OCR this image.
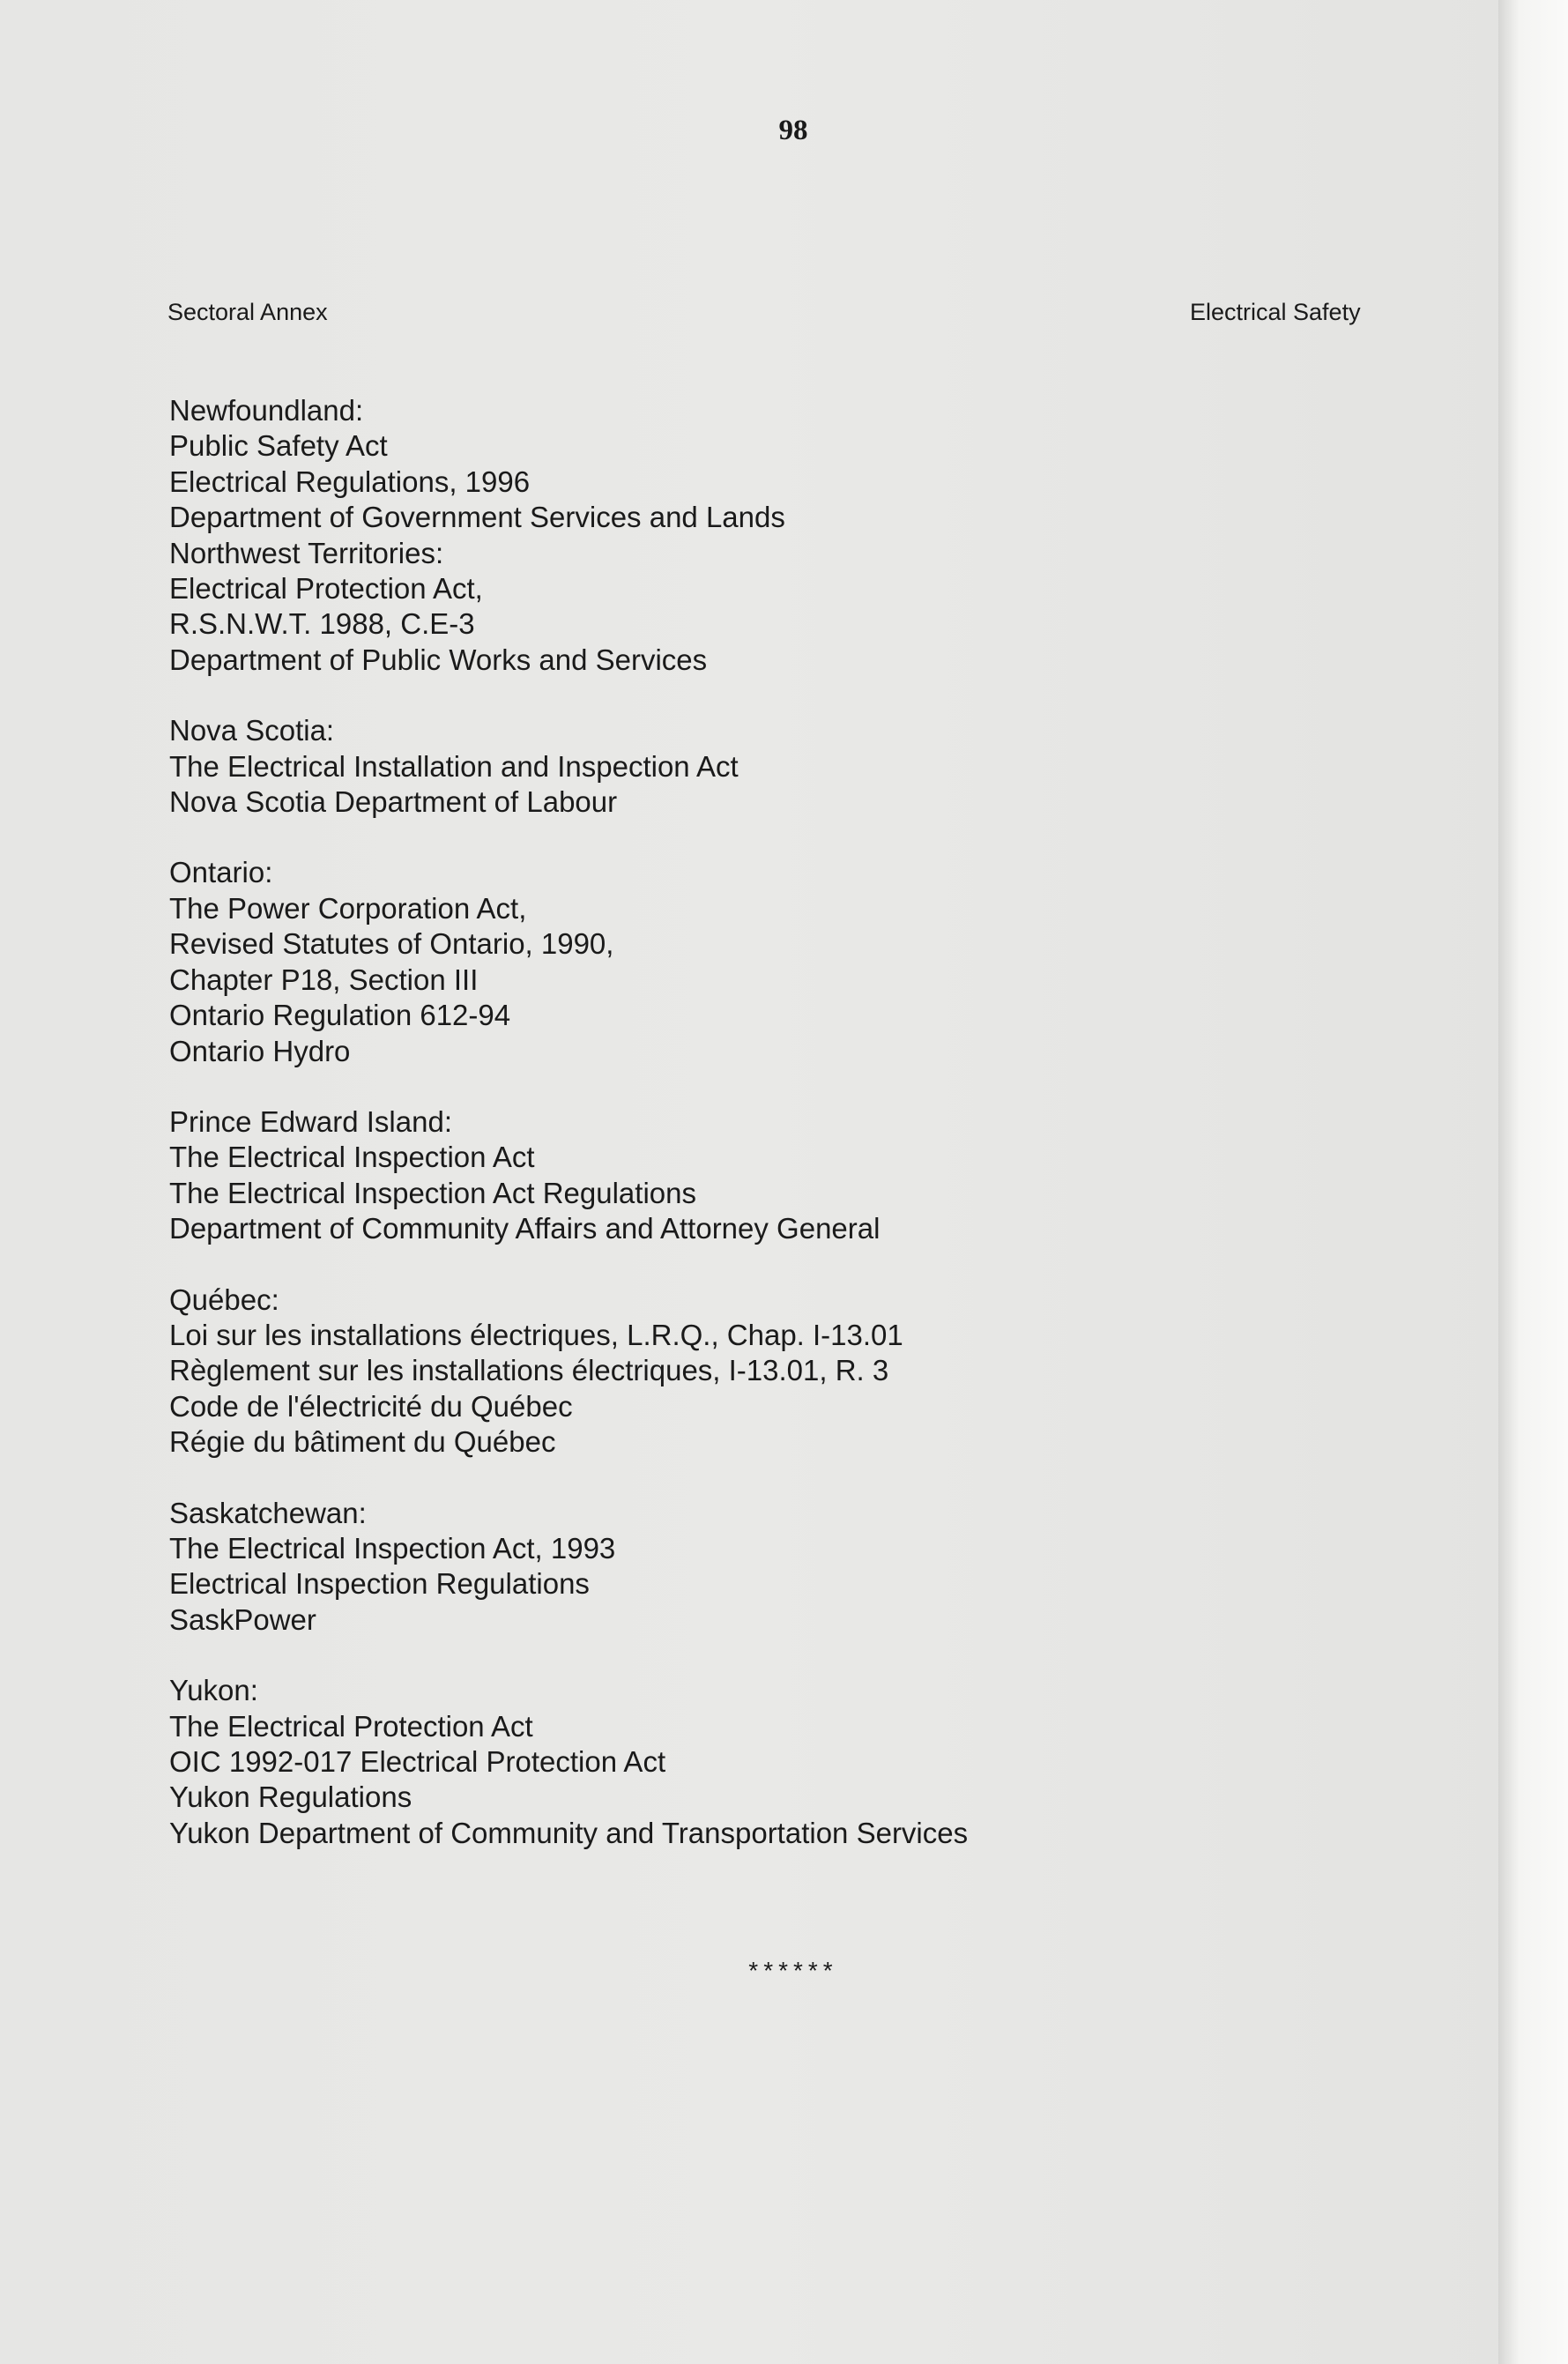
98
Sectoral Annex	Electrical Safety
Newfoundland:
Public Safety Act
Electrical Regulations, 1996
Department of Government Services and Lands
Northwest Territories:
Electrical Protection Act,
R.S.N.W.T. 1988, C.E-3
Department of Public Works and Services
Nova Scotia:
The Electrical Installation and Inspection Act
Nova Scotia Department of Labour
Ontario:
The Power Corporation Act,
Revised Statutes of Ontario, 1990,
Chapter P18, Section III
Ontario Regulation 612-94
Ontario Hydro
Prince Edward Island:
The Electrical Inspection Act
The Electrical Inspection Act Regulations
Department of Community Affairs and Attorney General
Québec:
Loi sur les installations électriques, L.R.Q., Chap. I-13.01
Règlement sur les installations électriques, I-13.01, R. 3
Code de l'électricité du Québec
Régie du bâtiment du Québec
Saskatchewan:
The Electrical Inspection Act, 1993
Electrical Inspection Regulations
SaskPower
Yukon:
The Electrical Protection Act
OIC 1992-017 Electrical Protection Act
Yukon Regulations
Yukon Department of Community and Transportation Services
******
